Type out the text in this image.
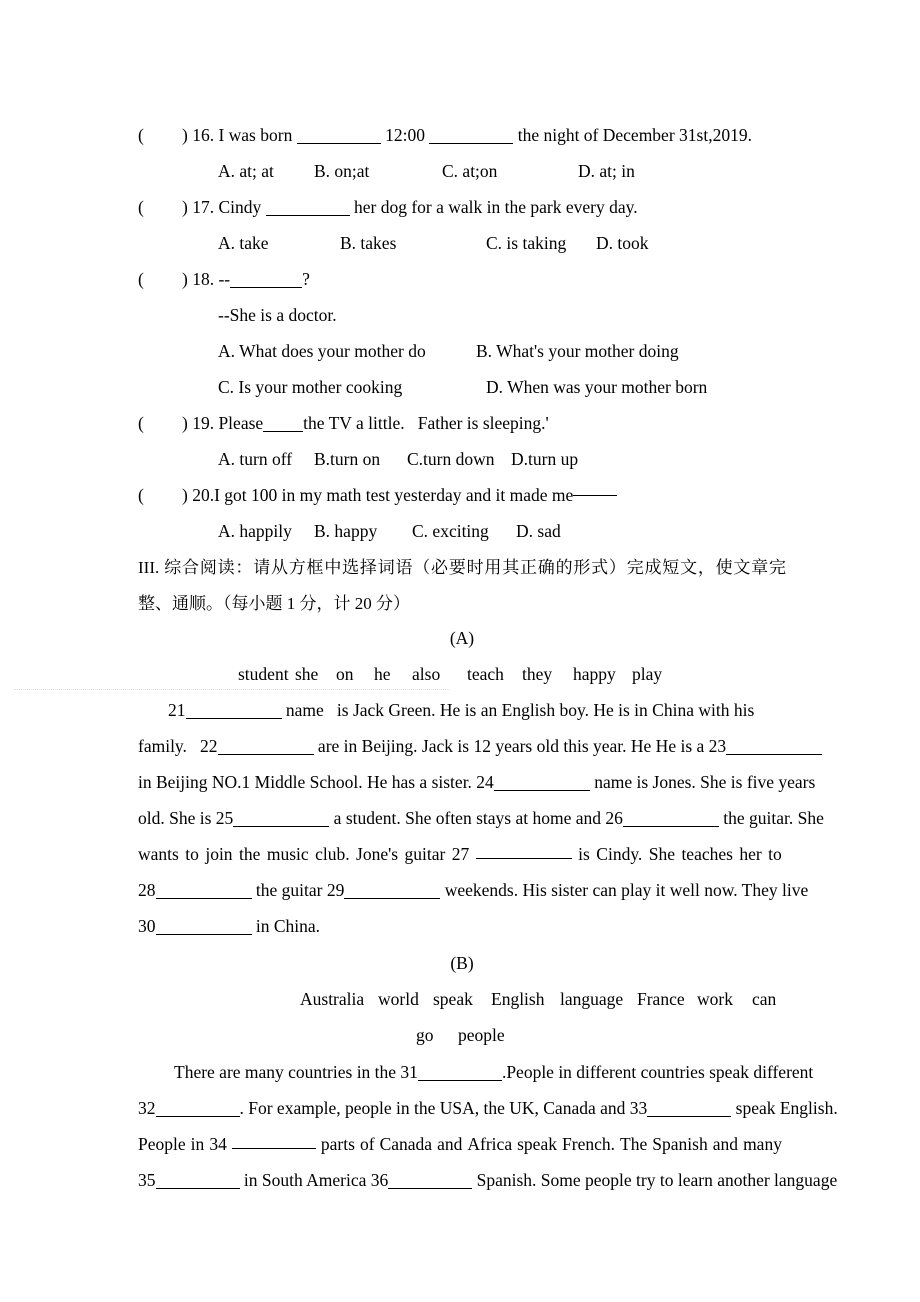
( ) 16. I was born	12:00	the night of December 31st,2019.
A. at; at B. on;at	C. at;on	D. at; in
( ) 17. Cindy	her dog for a walk in the park every day.
A. take	B. takes	C. is taking D. took
( ) 18. --	?
--She is a doctor.
A. What does your mother do	B. What's your mother doing
C. Is your mother cooking	D. When was your mother born
( ) 19. Please the TV a little.   Father is sleeping.'
A. turn off B.turn on C.turn down D.turn up
( ) 20.I got 100 in my math test yesterday and it made me
A. happily B. happy C. exciting D. sad
III. 综合阅读：请从方框中选择词语（必要时用其正确的形式）完成短文，使文章完整、通顺。（每小题 1 分，计 20 分）
(A)
student she on he also teach they happy play
21	name   is Jack Green. He is an English boy. He is in China with his
family.   22	are in Beijing. Jack is 12 years old this year. He He is a 23
in Beijing NO.1 Middle School. He has a sister. 24	name is Jones. She is five years
old. She is 25	a student. She often stays at home and 26	the guitar. She
wants to join the music club. Jone's guitar 27	is Cindy. She teaches her to
28	the guitar 29	weekends. His sister can play it well now. They live
30	in China.
(B)
Australia world speak English language France work can
go people
There are many countries in the 31	.People in different countries speak different
32	. For example, people in the USA, the UK, Canada and 33	speak English.
People in 34	parts of Canada and Africa speak French. The Spanish and many
35	in South America 36	Spanish. Some people try to learn another language
